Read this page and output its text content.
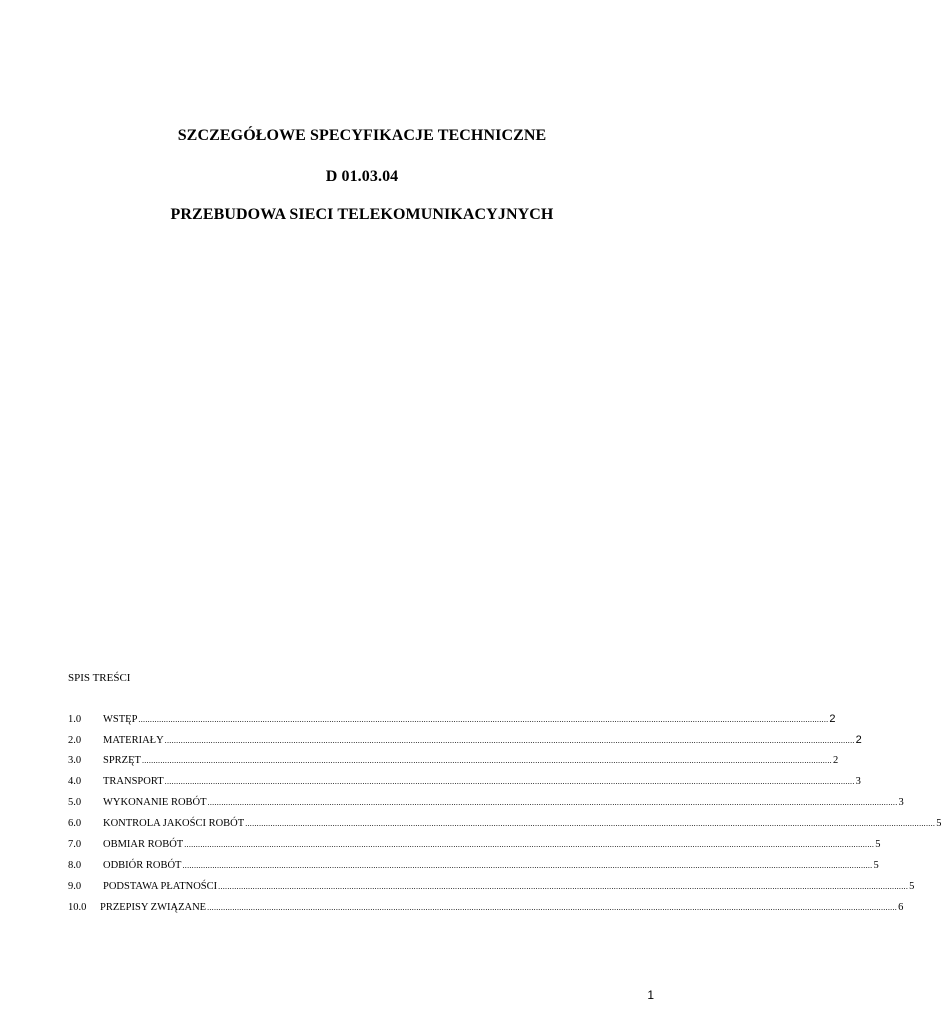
SZCZEGÓŁOWE SPECYFIKACJE TECHNICZNE
D 01.03.04
PRZEBUDOWA SIECI TELEKOMUNIKACYJNYCH
SPIS TREŚCI
1.0	WSTĘP ............................................................................................................................................................................................................................................................................................................ 2
2.0	MATERIAŁY ............................................................................................................................................................................................................................................................................................................ 2
3.0	SPRZĘT ............................................................................................................................................................................................................................................................................................................ 2
4.0	TRANSPORT ............................................................................................................................................................................................................................................................................................................ 3
5.0	WYKONANIE ROBÓT ............................................................................................................................................................................................................................................................................................................ 3
6.0	KONTROLA JAKOŚCI ROBÓT ............................................................................................................................................................................................................................................................................................................ 5
7.0	OBMIAR ROBÓT ............................................................................................................................................................................................................................................................................................................ 5
8.0	ODBIÓR ROBÓT ............................................................................................................................................................................................................................................................................................................ 5
9.0	PODSTAWA PŁATNOŚCI ............................................................................................................................................................................................................................................................................................................ 5
10.0	PRZEPISY ZWIĄZANE ............................................................................................................................................................................................................................................................................................................ 6
1
